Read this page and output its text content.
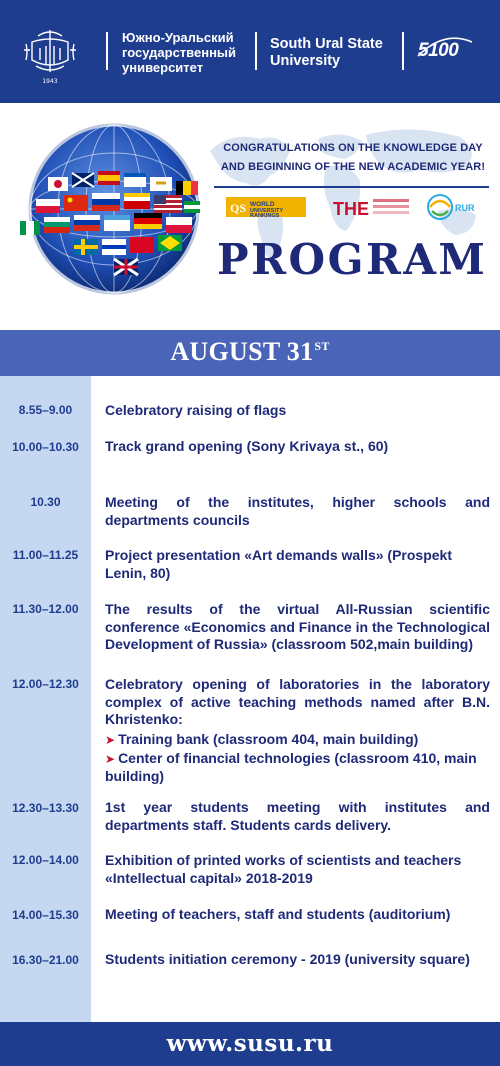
1943
Южно-Уральский государственный университет
South Ural State University	5100
CONGRATULATIONS ON THE KNOWLEDGE DAY
AND BEGINNING OF THE NEW ACADEMIC YEAR!
QS WORLD
UNIVERSITY
RANKINGS	THE	RUR
PROGRAM
AUGUST 31ST
8.55–9.00	Celebratory raising of flags
10.00–10.30	Track grand opening (Sony Krivaya st., 60)
10.30	Meeting of the institutes, higher schools and departments councils
11.00–11.25	Project presentation «Art demands walls» (Prospekt Lenin, 80)
11.30–12.00	The results of the virtual All-Russian scientific conference «Economics and Finance in the Technological Development of Russia» (classroom 502,main building)
12.00–12.30	Celebratory opening of laboratories in the laboratory complex of active teaching methods named after B.N. Khristenko:
➤ Training bank (classroom 404, main building)
➤ Center of financial technologies (classroom 410, main building)
12.30–13.30	1st year students meeting with institutes and departments staff. Students cards delivery.
12.00–14.00	Exhibition of printed works of scientists and teachers «Intellectual capital» 2018-2019
14.00–15.30	Meeting of teachers, staff and students (auditorium)
16.30–21.00	Students initiation ceremony - 2019 (university square)
www.susu.ru
